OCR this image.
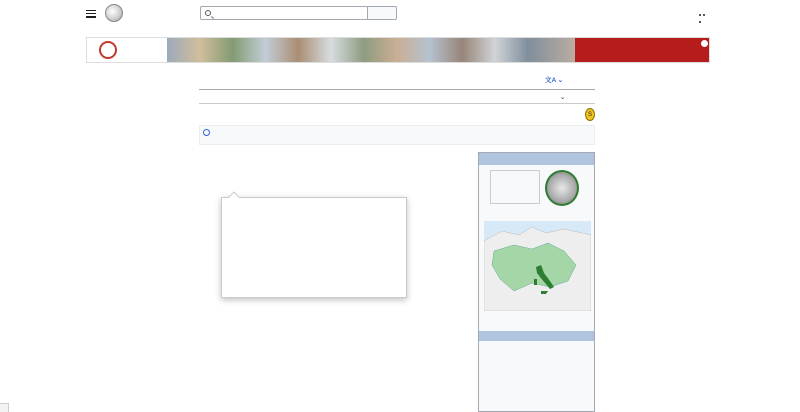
文A ⌄
⌄
S
